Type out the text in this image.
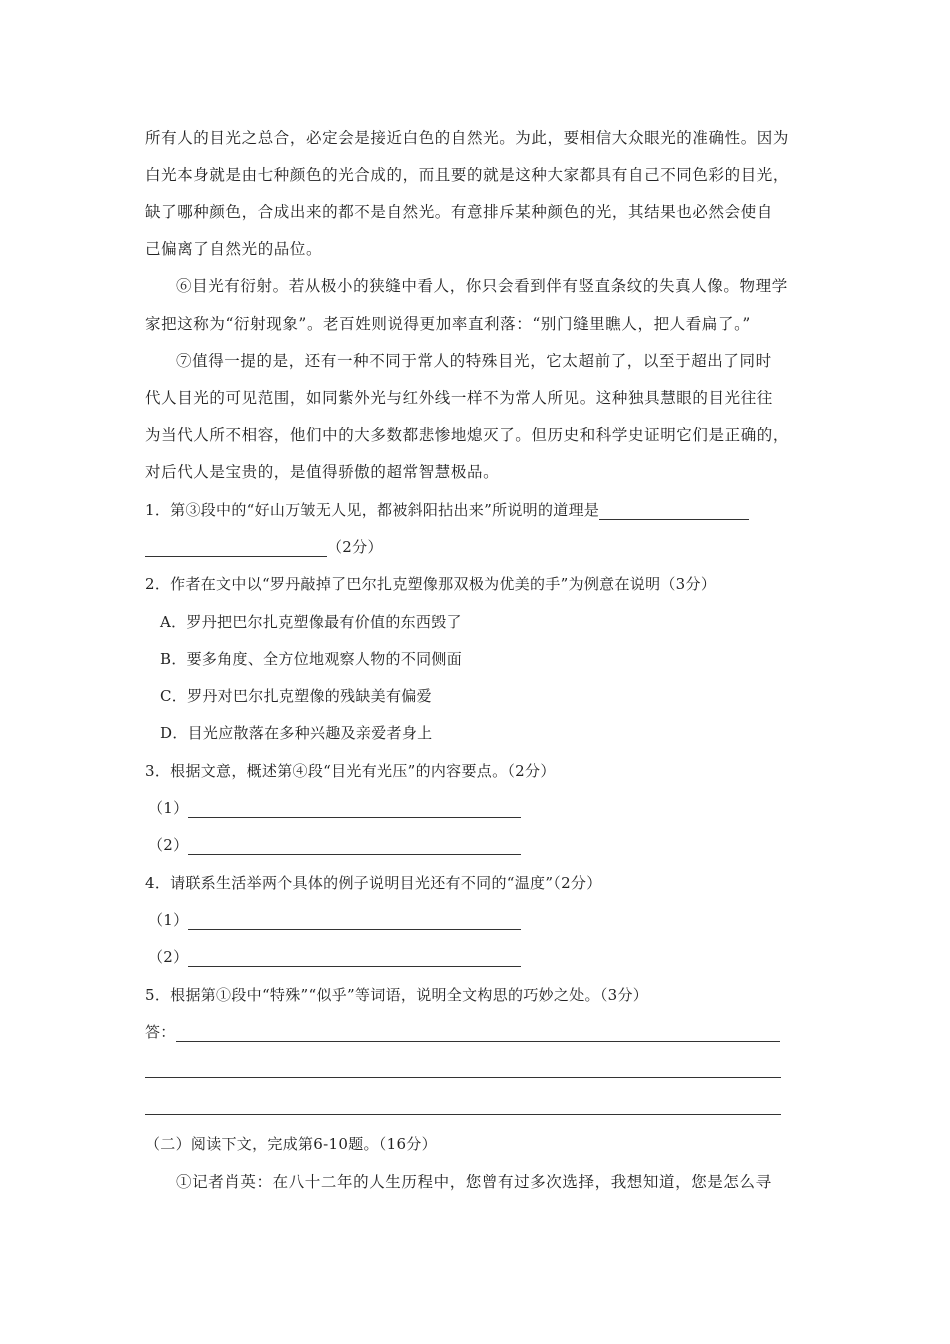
所有人的目光之总合，必定会是接近白色的自然光。为此，要相信大众眼光的准确性。因为
白光本身就是由七种颜色的光合成的，而且要的就是这种大家都具有自己不同色彩的目光，
缺了哪种颜色，合成出来的都不是自然光。有意排斥某种颜色的光，其结果也必然会使自
己偏离了自然光的品位。
⑥目光有衍射。若从极小的狭缝中看人，你只会看到伴有竖直条纹的失真人像。物理学
家把这称为“衍射现象”。老百姓则说得更加率直利落：“别门缝里瞧人，把人看扁了。”
⑦值得一提的是，还有一种不同于常人的特殊目光，它太超前了，以至于超出了同时
代人目光的可见范围，如同紫外光与红外线一样不为常人所见。这种独具慧眼的目光往往
为当代人所不相容，他们中的大多数都悲惨地熄灭了。但历史和科学史证明它们是正确的，
对后代人是宝贵的，是值得骄傲的超常智慧极品。
1．第③段中的“好山万皱无人见，都被斜阳拈出来”所说明的道理是
（2分）
2．作者在文中以“罗丹敲掉了巴尔扎克塑像那双极为优美的手”为例意在说明（3分）
A．罗丹把巴尔扎克塑像最有价值的东西毁了
B．要多角度、全方位地观察人物的不同侧面
C．罗丹对巴尔扎克塑像的残缺美有偏爱
D．目光应散落在多种兴趣及亲爱者身上
3．根据文意，概述第④段“目光有光压”的内容要点。（2分）
（1）
（2）
4．请联系生活举两个具体的例子说明目光还有不同的“温度”（2分）
（1）
（2）
5．根据第①段中“特殊”“似乎”等词语，说明全文构思的巧妙之处。（3分）
答：
（二）阅读下文，完成第6-10题。（16分）
①记者肖英：在八十二年的人生历程中，您曾有过多次选择，我想知道，您是怎么寻
